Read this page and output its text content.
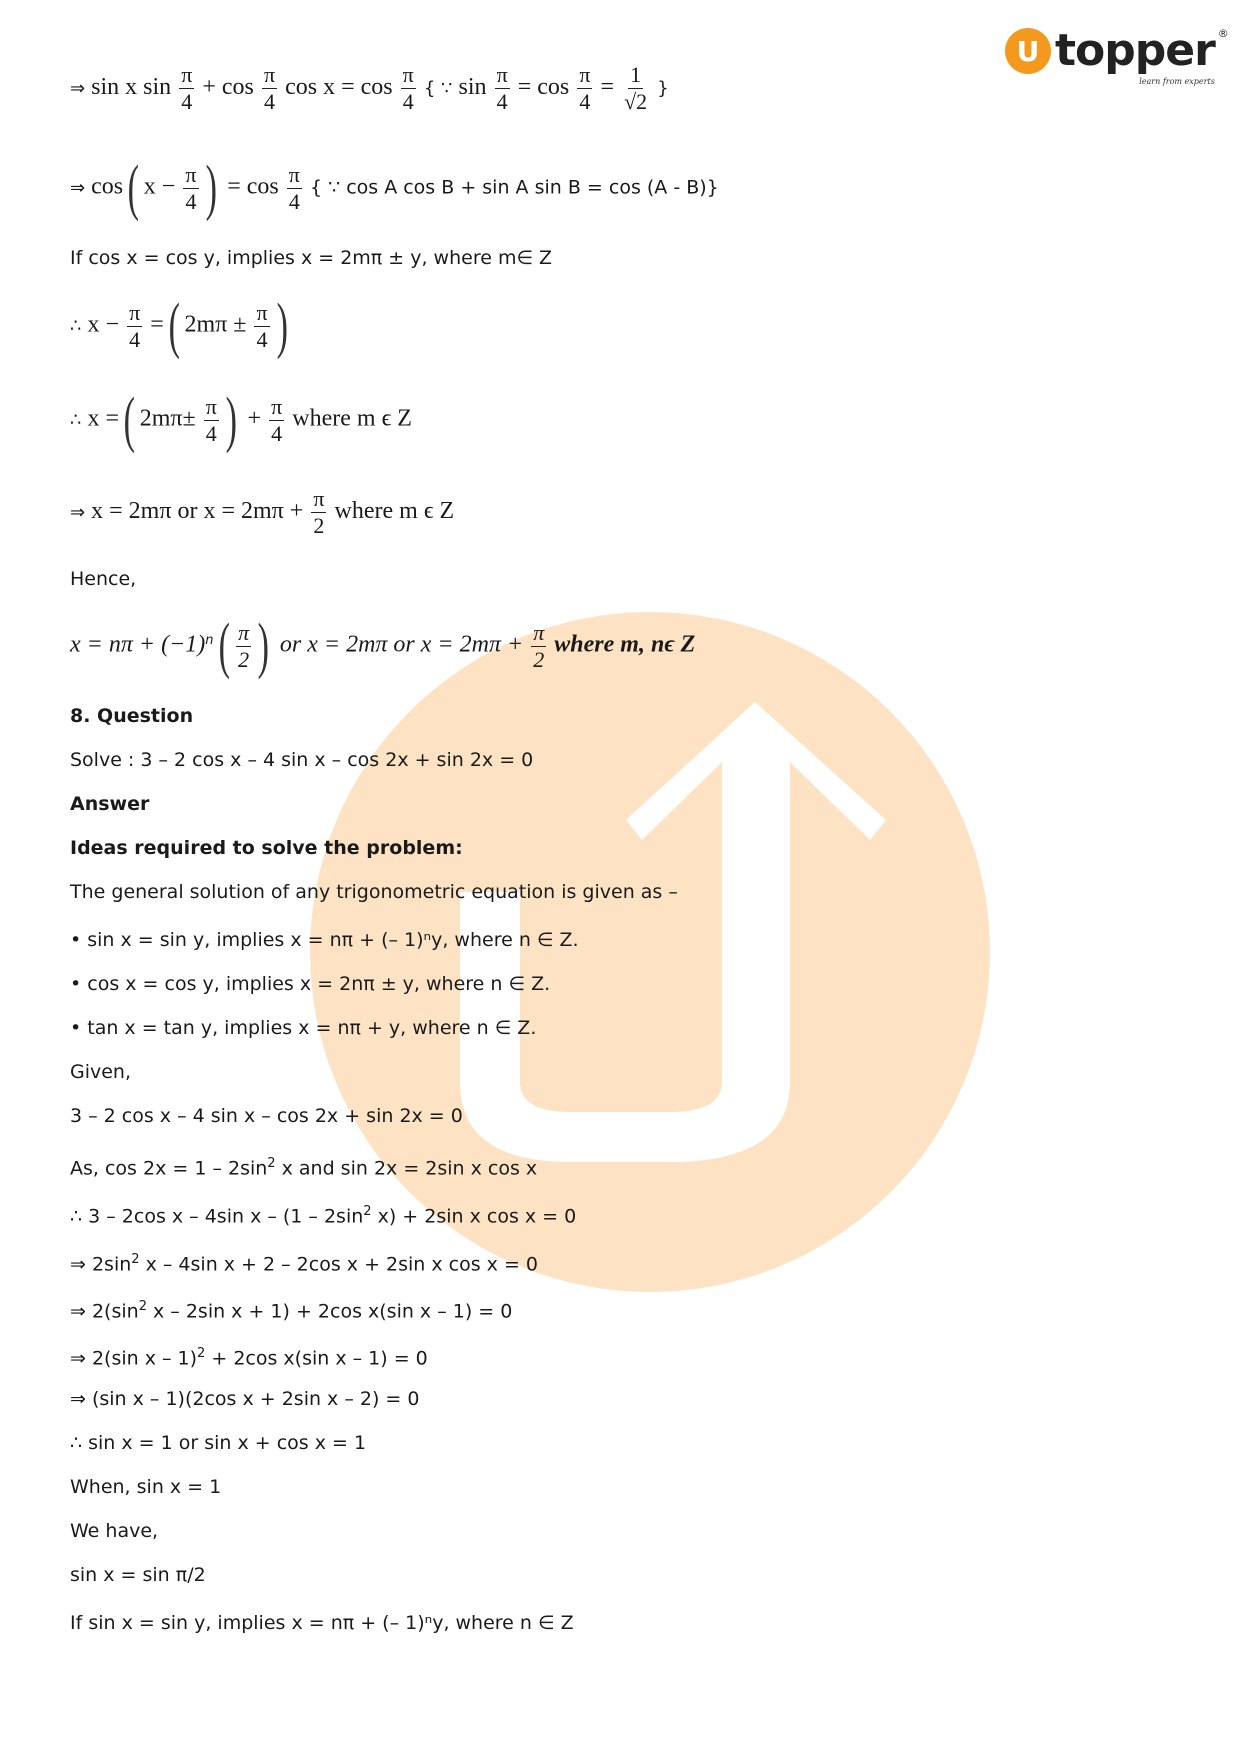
U topper ®
learn from experts
⇒ sin x $\sin \frac{\pi}{4} + \cos \frac{\pi}{4}$ $\cos x = \cos \frac{\pi}{4}$ { ∵ $\sin \frac{\pi}{4} = \cos \frac{\pi}{4} = \frac{1}{√2}$ }
⇒ cos( $x - \frac{\pi}{4}$ ) = $\cos \frac{\pi}{4}$ { ∵ cos A cos B + sin A sin B = cos (A - B)}
If cos x = cos y, implies x = 2mπ ± y, where m∈ Z
∴ $x - \frac{\pi}{4}$ =( $2m\pi \pm \frac{\pi}{4}$ )
∴ x =( $2m\pi\pm \frac{\pi}{4}$ ) + $\frac{\pi}{4}$ where m ϵ Z
⇒ x = 2mπ or $x = 2m\pi + \frac{\pi}{2}$ where m ϵ Z
Hence,
$x = n\pi + (-1)^n( \frac{\pi}{2}$ ) or x = 2mπ or $x = 2m\pi + \frac{\pi}{2}$ where m, nϵ Z
8. Question
Solve : 3 – 2 cos x – 4 sin x – cos 2x + sin 2x = 0
Answer
Ideas required to solve the problem:
The general solution of any trigonometric equation is given as –
• sin x = sin y, implies x = nπ + (– 1)ⁿy, where n ∈ Z.
• cos x = cos y, implies x = 2nπ ± y, where n ∈ Z.
• tan x = tan y, implies x = nπ + y, where n ∈ Z.
Given,
3 – 2 cos x – 4 sin x – cos 2x + sin 2x = 0
As, $\cos 2x = 1 - 2\sin^2$ x and sin 2x = 2sin x cos x
∴ 3 – 2cos x – 4sin x – ($1 - 2\sin^2$ x) + 2sin x cos x = 0
⇒ $2\sin^2$ x – 4sin x + 2 – 2cos x + 2sin x cos x = 0
⇒ $2(\sin^2$ x – 2sin x + 1) + 2cos x(sin x – 1) = 0
⇒ 2(sin x – 1)$^2$ + 2cos x(sin x – 1) = 0
⇒ (sin x – 1)(2cos x + 2sin x – 2) = 0
∴ sin x = 1 or sin x + cos x = 1
When, sin x = 1
We have,
sin x = sin π/2
If sin x = sin y, implies x = nπ + (– 1)ⁿy, where n ∈ Z
